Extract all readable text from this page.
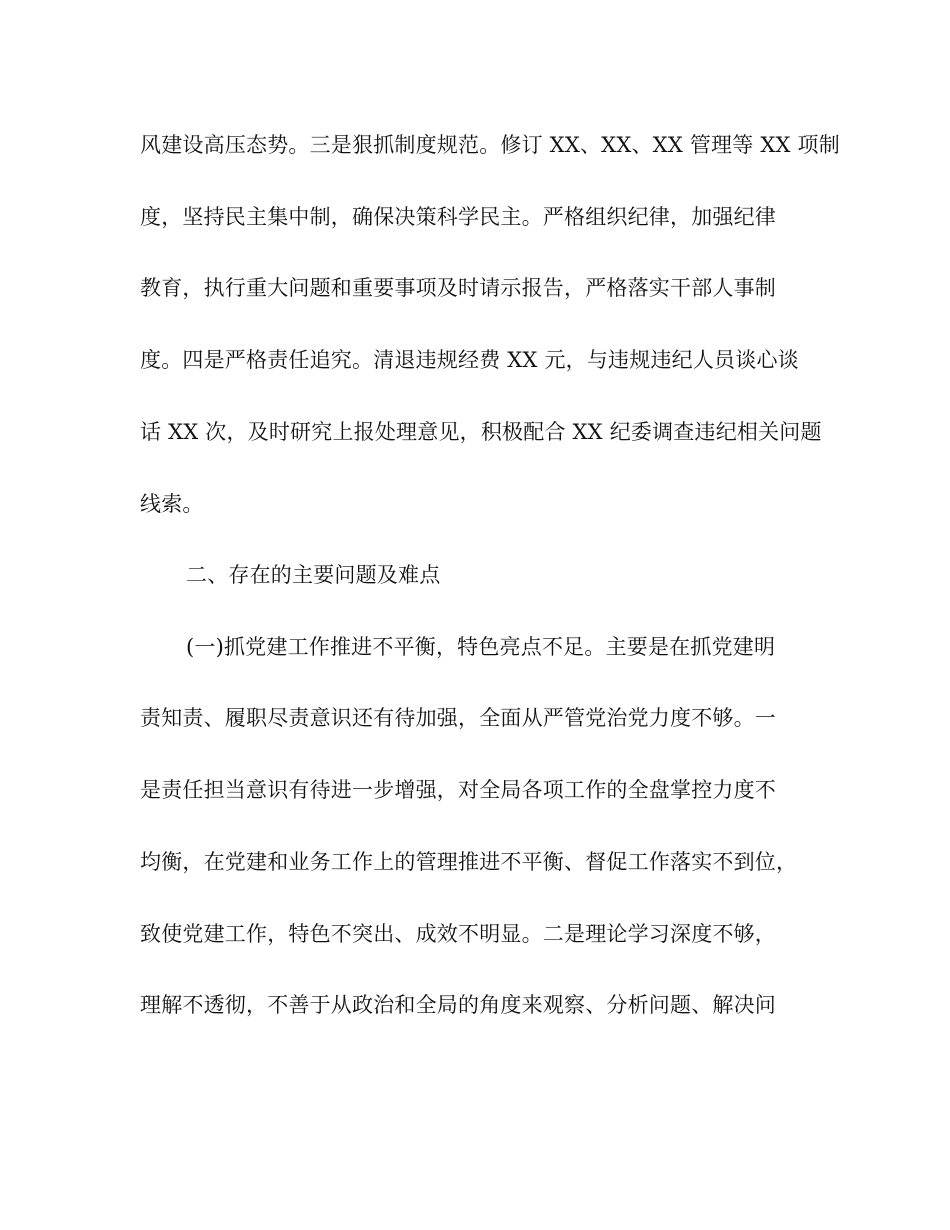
风建设高压态势。三是狠抓制度规范。修订 XX、XX、XX 管理等 XX 项制
度，坚持民主集中制，确保决策科学民主。严格组织纪律，加强纪律
教育，执行重大问题和重要事项及时请示报告，严格落实干部人事制
度。四是严格责任追究。清退违规经费 XX 元，与违规违纪人员谈心谈
话 XX 次，及时研究上报处理意见，积极配合 XX 纪委调查违纪相关问题
线索。
二、存在的主要问题及难点
(一)抓党建工作推进不平衡，特色亮点不足。主要是在抓党建明
责知责、履职尽责意识还有待加强，全面从严管党治党力度不够。一
是责任担当意识有待进一步增强，对全局各项工作的全盘掌控力度不
均衡，在党建和业务工作上的管理推进不平衡、督促工作落实不到位，
致使党建工作，特色不突出、成效不明显。二是理论学习深度不够，
理解不透彻，不善于从政治和全局的角度来观察、分析问题、解决问
